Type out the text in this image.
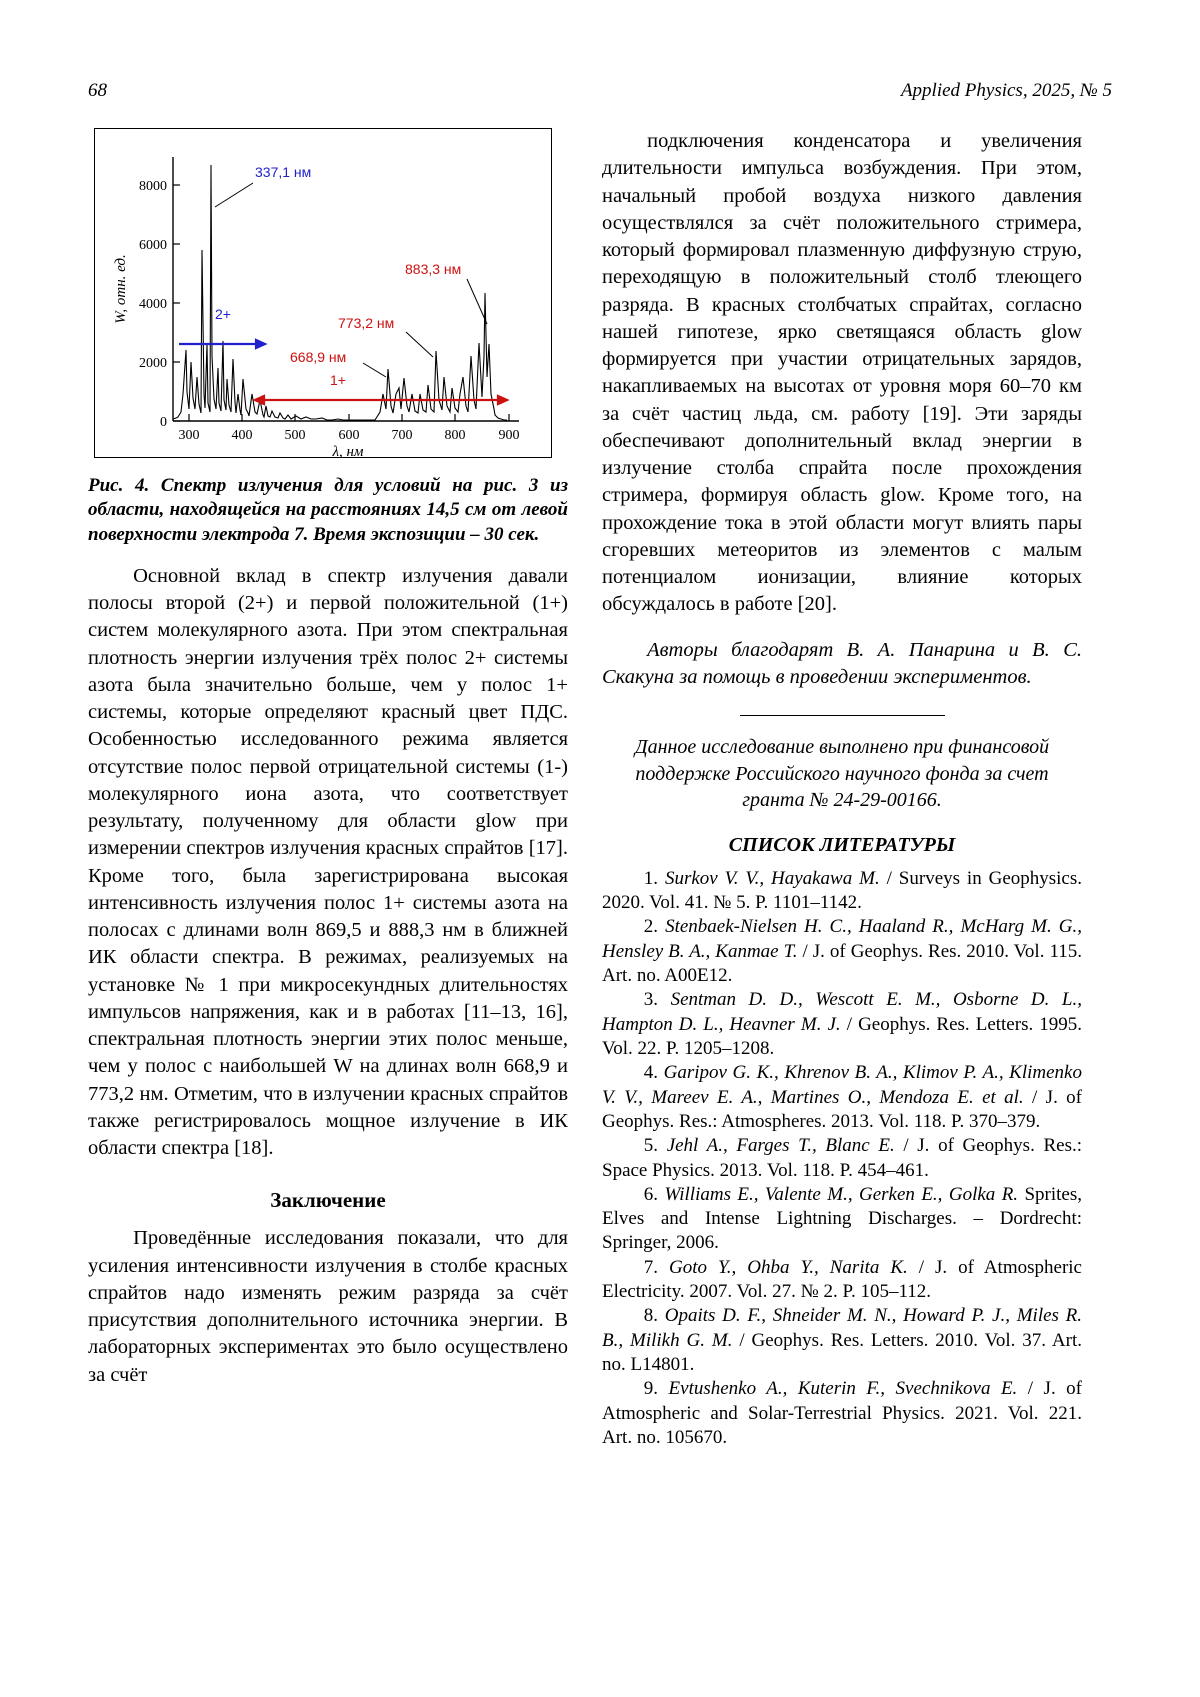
68	Applied Physics, 2025, № 5
0
2000
4000
6000
8000
300 400 500 600 700 800 900
λ, нм
W, отн. ед.
337,1 нм
2+
1+
668,9 нм
773,2 нм
883,3 нм

Рис. 4. Спектр излучения для условий на рис. 3 из области, находящейся на расстояниях 14,5 см от левой поверхности электрода 7. Время экспозиции – 30 сек.

Основной вклад в спектр излучения давали полосы второй (2+) и первой положительной (1+) систем молекулярного азота. При этом спектральная плотность энергии излучения трёх полос 2+ системы азота была значительно больше, чем у полос 1+ системы, которые определяют красный цвет ПДС. Особенностью исследованного режима является отсутствие полос первой отрицательной системы (1-) молекулярного иона азота, что соответствует результату, полученному для области glow при измерении спектров излучения красных спрайтов [17]. Кроме того, была зарегистрирована высокая интенсивность излучения полос 1+ системы азота на полосах с длинами волн 869,5 и 888,3 нм в ближней ИК области спектра. В режимах, реализуемых на установке № 1 при микросекундных длительностях импульсов напряжения, как и в работах [11–13, 16], спектральная плотность энергии этих полос меньше, чем у полос с наибольшей W на длинах волн 668,9 и 773,2 нм. Отметим, что в излучении красных спрайтов также регистрировалось мощное излучение в ИК области спектра [18].

Заключение

Проведённые исследования показали, что для усиления интенсивности излучения в столбе красных спрайтов надо изменять режим разряда за счёт присутствия дополнительного источника энергии. В лабораторных экспериментах это было осуществлено за счёт

подключения конденсатора и увеличения длительности импульса возбуждения. При этом, начальный пробой воздуха низкого давления осуществлялся за счёт положительного стримера, который формировал плазменную диффузную струю, переходящую в положительный столб тлеющего разряда. В красных столбчатых спрайтах, согласно нашей гипотезе, ярко светящаяся область glow формируется при участии отрицательных зарядов, накапливаемых на высотах от уровня моря 60–70 км за счёт частиц льда, см. работу [19]. Эти заряды обеспечивают дополнительный вклад энергии в излучение столба спрайта после прохождения стримера, формируя область glow. Кроме того, на прохождение тока в этой области могут влиять пары сгоревших метеоритов из элементов с малым потенциалом ионизации, влияние которых обсуждалось в работе [20].

Авторы благодарят В. А. Панарина и В. С. Скакуна за помощь в проведении экспериментов.

Данное исследование выполнено при финансовой поддержке Российского научного фонда за счет гранта № 24-29-00166.

СПИСОК ЛИТЕРАТУРЫ

1. Surkov V. V., Hayakawa M. / Surveys in Geophysics. 2020. Vol. 41. № 5. P. 1101–1142.

2. Stenbaek-Nielsen H. C., Haaland R., McHarg M. G., Hensley B. A., Kanmae T. / J. of Geophys. Res. 2010. Vol. 115. Art. no. A00E12.

3. Sentman D. D., Wescott E. M., Osborne D. L., Hampton D. L., Heavner M. J. / Geophys. Res. Letters. 1995. Vol. 22. P. 1205–1208.

4. Garipov G. K., Khrenov B. A., Klimov P. A., Klimenko V. V., Mareev E. A., Martines O., Mendoza E. et al. / J. of Geophys. Res.: Atmospheres. 2013. Vol. 118. P. 370–379.

5. Jehl A., Farges T., Blanc E. / J. of Geophys. Res.: Space Physics. 2013. Vol. 118. P. 454–461.

6. Williams E., Valente M., Gerken E., Golka R. Sprites, Elves and Intense Lightning Discharges. – Dordrecht: Springer, 2006.

7. Goto Y., Ohba Y., Narita K. / J. of Atmospheric Electricity. 2007. Vol. 27. № 2. P. 105–112.

8. Opaits D. F., Shneider M. N., Howard P. J., Miles R. B., Milikh G. M. / Geophys. Res. Letters. 2010. Vol. 37. Art. no. L14801.

9. Evtushenko A., Kuterin F., Svechnikova E. / J. of Atmospheric and Solar-Terrestrial Physics. 2021. Vol. 221. Art. no. 105670.
